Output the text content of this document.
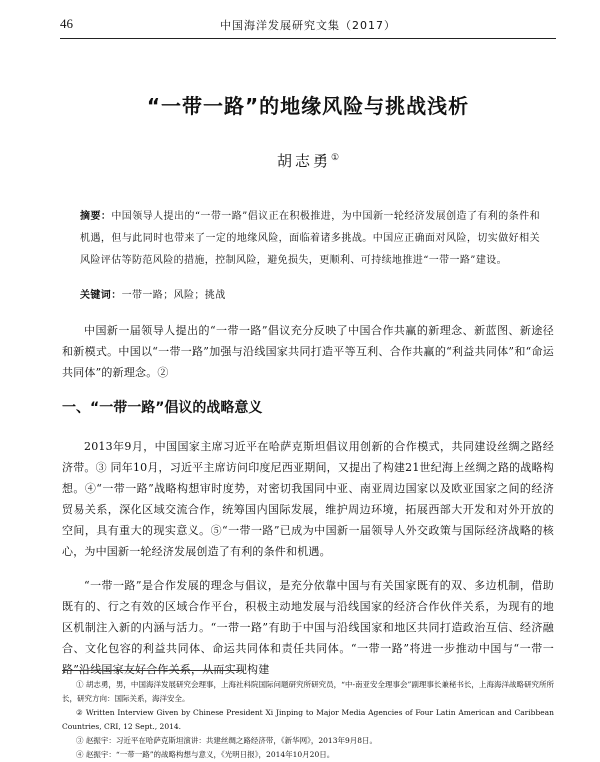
46	中国海洋发展研究文集（2017）
“一带一路”的地缘风险与挑战浅析
胡志勇①
摘要：中国领导人提出的“一带一路”倡议正在积极推进，为中国新一轮经济发展创造了有利的条件和机遇，但与此同时也带来了一定的地缘风险，面临着诸多挑战。中国应正确面对风险，切实做好相关风险评估等防范风险的措施，控制风险，避免损失，更顺利、可持续地推进“一带一路”建设。
关键词：一带一路；风险；挑战
中国新一届领导人提出的“一带一路”倡议充分反映了中国合作共赢的新理念、新蓝图、新途径和新模式。中国以“一带一路”加强与沿线国家共同打造平等互利、合作共赢的“利益共同体”和“命运共同体”的新理念。②
一、“一带一路”倡议的战略意义
2013年9月，中国国家主席习近平在哈萨克斯坦倡议用创新的合作模式，共同建设丝绸之路经济带。③ 同年10月，习近平主席访问印度尼西亚期间，又提出了构建21世纪海上丝绸之路的战略构想。④“一带一路”战略构想审时度势，对密切我国同中亚、南亚周边国家以及欧亚国家之间的经济贸易关系，深化区域交流合作，统筹国内国际发展，维护周边环境，拓展西部大开发和对外开放的空间，具有重大的现实意义。⑤“一带一路”已成为中国新一届领导人外交政策与国际经济战略的核心，为中国新一轮经济发展创造了有利的条件和机遇。
“一带一路”是合作发展的理念与倡议，是充分依靠中国与有关国家既有的双、多边机制，借助既有的、行之有效的区域合作平台，积极主动地发展与沿线国家的经济合作伙伴关系，为现有的地区机制注入新的内涵与活力。“一带一路”有助于中国与沿线国家和地区共同打造政治互信、经济融合、文化包容的利益共同体、命运共同体和责任共同体。“一带一路”将进一步推动中国与“一带一路”沿线国家友好合作关系，从而实现构建

① 胡志勇，男，中国海洋发展研究会理事，上海社科院国际问题研究所研究员，“中-南亚安全理事会”副理事长兼秘书长，上海海洋战略研究所所长，研究方向：国际关系，海洋安全。

② Written Interview Given by Chinese President Xi Jinping to Major Media Agencies of Four Latin American and Caribbean Countries, CRI, 12 Sept., 2014.

③ 赵振宇：习近平在哈萨克斯坦演讲：共建丝绸之路经济带，《新华网》，2013年9月8日。

④ 赵振宇：“一带一路”的战略构想与意义，《光明日报》，2014年10月20日。
